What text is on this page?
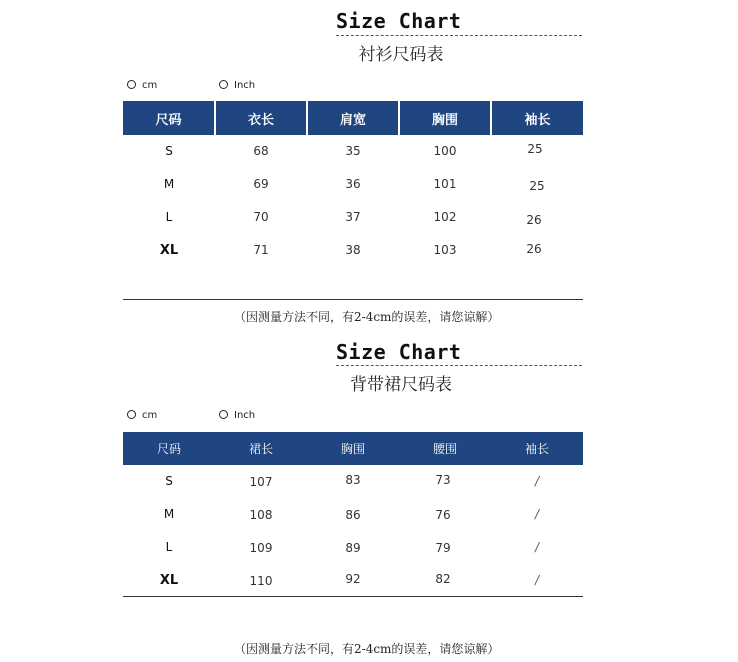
Size Chart
衬衫尺码表
cm	Inch
尺码	衣长	肩宽	胸围	袖长
S	68	35	100	25
M	69	36	101	25
L	70	37	102	26
XL	71	38	103	26
（因测量方法不同，有2-4cm的误差，请您谅解）
Size Chart
背带裙尺码表
cm	Inch
尺码	裙长	胸围	腰围	袖长
S	107	83	73	/
M	108	86	76	/
L	109	89	79	/
XL	110	92	82	/
（因测量方法不同，有2-4cm的误差，请您谅解）
